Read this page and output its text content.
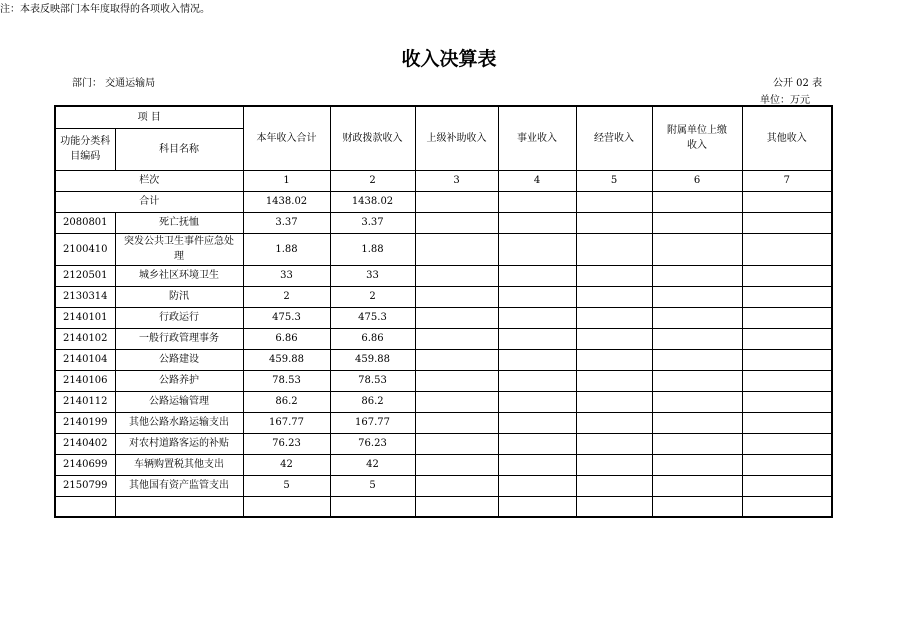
收入决算表
部门： 交通运输局	公开 02 表
单位：万元
项 目		本年收入合计	财政拨款收入	上级补助收入	事业收入	经营收入	附属单位上缴收入	其他收入
功能分类科目编码	科目名称							
栏次		1	2	3	4	5	6	7
合计		1438.02	1438.02					
2080801	死亡抚恤	3.37	3.37					
2100410	突发公共卫生事件应急处理	1.88	1.88					
2120501	城乡社区环境卫生	33	33					
2130314	防汛	2	2					
2140101	行政运行	475.3	475.3					
2140102	一般行政管理事务	6.86	6.86					
2140104	公路建设	459.88	459.88					
2140106	公路养护	78.53	78.53					
2140112	公路运输管理	86.2	86.2					
2140199	其他公路水路运输支出	167.77	167.77					
2140402	对农村道路客运的补贴	76.23	76.23					
2140699	车辆购置税其他支出	42	42					
2150799	其他国有资产监管支出	5	5					

注：本表反映部门本年度取得的各项收入情况。
